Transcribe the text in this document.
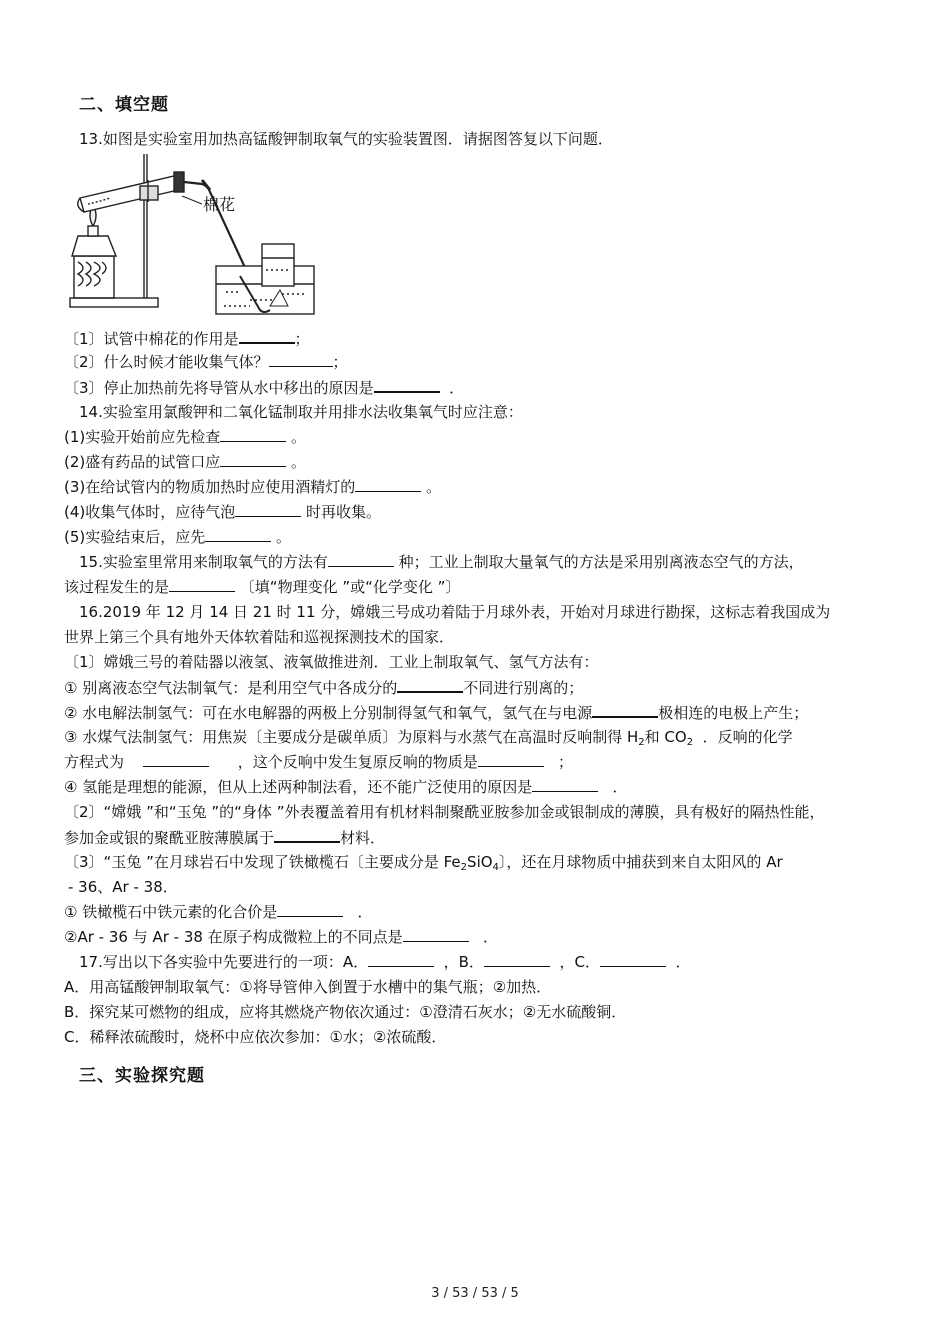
二、填空题
13.如图是实验室用加热高锰酸钾制取氧气的实验装置图．请据图答复以下问题．
棉花
〔1〕试管中棉花的作用是	；
〔2〕什么时候才能收集气体？	；
〔3〕停止加热前先将导管从水中移出的原因是	．
14.实验室用氯酸钾和二氧化锰制取并用排水法收集氧气时应注意：
(1)实验开始前应先检查	。
(2)盛有药品的试管口应	。
(3)在给试管内的物质加热时应使用酒精灯的	。
(4)收集气体时，应待气泡	时再收集。
(5)实验结束后，应先	。
15.实验室里常用来制取氧气的方法有	种；工业上制取大量氧气的方法是采用别离液态空气的方法，
该过程发生的是	〔填“物理变化 ”或“化学变化 ”〕
16.2019 年 12 月 14 日 21 时 11 分，嫦娥三号成功着陆于月球外表，开始对月球进行勘探，这标志着我国成为
世界上第三个具有地外天体软着陆和巡视探测技术的国家．
〔1〕嫦娥三号的着陆器以液氢、液氧做推进剂．工业上制取氧气、氢气方法有：
① 别离液态空气法制氧气：是利用空气中各成分的	不同进行别离的；
② 水电解法制氢气：可在水电解器的两极上分别制得氢气和氧气，氢气在与电源	极相连的电极上产生；
③ 水煤气法制氢气：用焦炭〔主要成分是碳单质〕为原料与水蒸气在高温时反响制得 $H_2$和 $CO_2$ ．反响的化学
方程式为	，这个反响中发生复原反响的物质是	；
④ 氢能是理想的能源，但从上述两种制法看，还不能广泛使用的原因是	．
〔2〕“嫦娥 ”和“玉兔 ”的“身体 ”外表覆盖着用有机材料制聚酰亚胺参加金或银制成的薄膜，具有极好的隔热性能，
参加金或银的聚酰亚胺薄膜属于	材料．
〔3〕“玉兔 ”在月球岩石中发现了铁橄榄石〔主要成分是 $Fe_2SiO_4$〕，还在月球物质中捕获到来自太阳风的 Ar
- 36、Ar - 38．
① 铁橄榄石中铁元素的化合价是	．
②Ar - 36 与 Ar - 38 在原子构成微粒上的不同点是	．
17.写出以下各实验中先要进行的一项：A．	，B．	，C．	．
A．用高锰酸钾制取氧气：①将导管伸入倒置于水槽中的集气瓶；②加热．
B．探究某可燃物的组成，应将其燃烧产物依次通过：①澄清石灰水；②无水硫酸铜．
C．稀释浓硫酸时，烧杯中应依次参加：①水；②浓硫酸．
三、实验探究题
3 / 53 / 53 / 5
